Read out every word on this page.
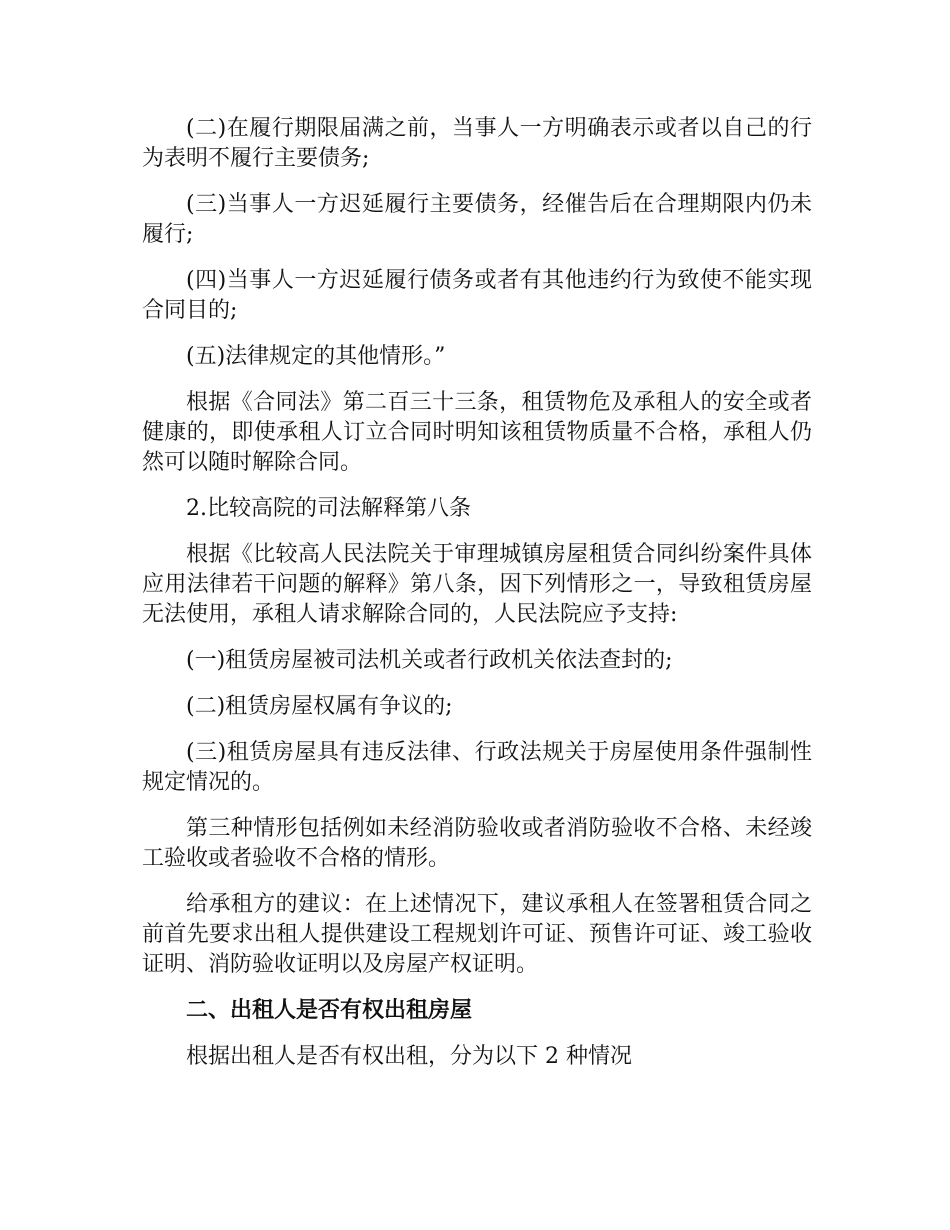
(二)在履行期限届满之前，当事人一方明确表示或者以自己的行为表明不履行主要债务;

(三)当事人一方迟延履行主要债务，经催告后在合理期限内仍未履行;

(四)当事人一方迟延履行债务或者有其他违约行为致使不能实现合同目的;

(五)法律规定的其他情形。”

根据《合同法》第二百三十三条，租赁物危及承租人的安全或者健康的，即使承租人订立合同时明知该租赁物质量不合格，承租人仍然可以随时解除合同。

2.比较高院的司法解释第八条

根据《比较高人民法院关于审理城镇房屋租赁合同纠纷案件具体应用法律若干问题的解释》第八条，因下列情形之一，导致租赁房屋无法使用，承租人请求解除合同的，人民法院应予支持:

(一)租赁房屋被司法机关或者行政机关依法查封的;

(二)租赁房屋权属有争议的;

(三)租赁房屋具有违反法律、行政法规关于房屋使用条件强制性规定情况的。

第三种情形包括例如未经消防验收或者消防验收不合格、未经竣工验收或者验收不合格的情形。

给承租方的建议：在上述情况下，建议承租人在签署租赁合同之前首先要求出租人提供建设工程规划许可证、预售许可证、竣工验收证明、消防验收证明以及房屋产权证明。

二、出租人是否有权出租房屋

根据出租人是否有权出租，分为以下 2 种情况
